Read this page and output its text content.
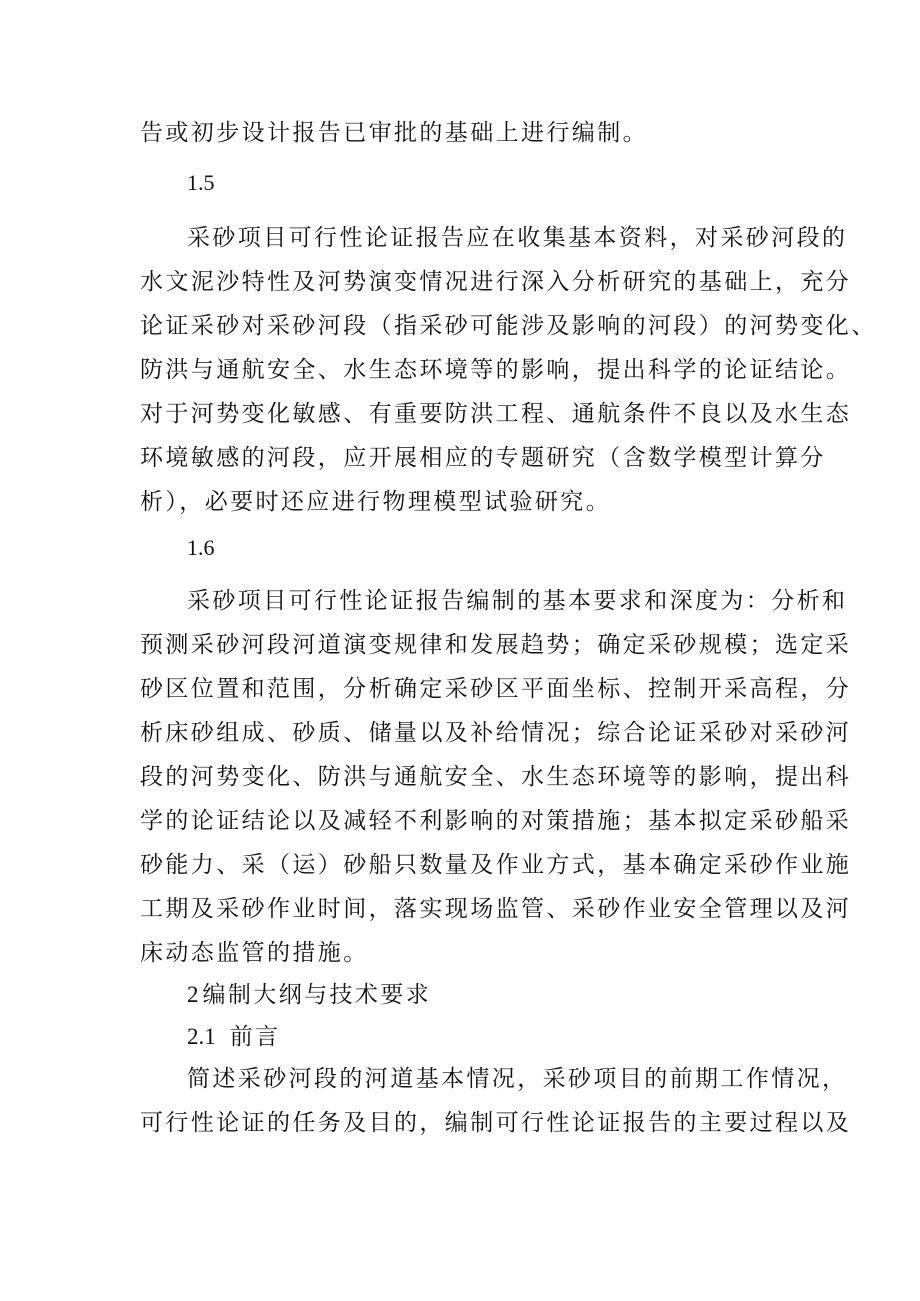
告或初步设计报告已审批的基础上进行编制。
1.5
采砂项目可行性论证报告应在收集基本资料，对采砂河段的
水文泥沙特性及河势演变情况进行深入分析研究的基础上，充分
论证采砂对采砂河段（指采砂可能涉及影响的河段）的河势变化、
防洪与通航安全、水生态环境等的影响，提出科学的论证结论。
对于河势变化敏感、有重要防洪工程、通航条件不良以及水生态
环境敏感的河段，应开展相应的专题研究（含数学模型计算分
析），必要时还应进行物理模型试验研究。
1.6
采砂项目可行性论证报告编制的基本要求和深度为：分析和
预测采砂河段河道演变规律和发展趋势；确定采砂规模；选定采
砂区位置和范围，分析确定采砂区平面坐标、控制开采高程，分
析床砂组成、砂质、储量以及补给情况；综合论证采砂对采砂河
段的河势变化、防洪与通航安全、水生态环境等的影响，提出科
学的论证结论以及减轻不利影响的对策措施；基本拟定采砂船采
砂能力、采（运）砂船只数量及作业方式，基本确定采砂作业施
工期及采砂作业时间，落实现场监管、采砂作业安全管理以及河
床动态监管的措施。
2 编制大纲与技术要求
2.1 前言
简述采砂河段的河道基本情况，采砂项目的前期工作情况，
可行性论证的任务及目的，编制可行性论证报告的主要过程以及
